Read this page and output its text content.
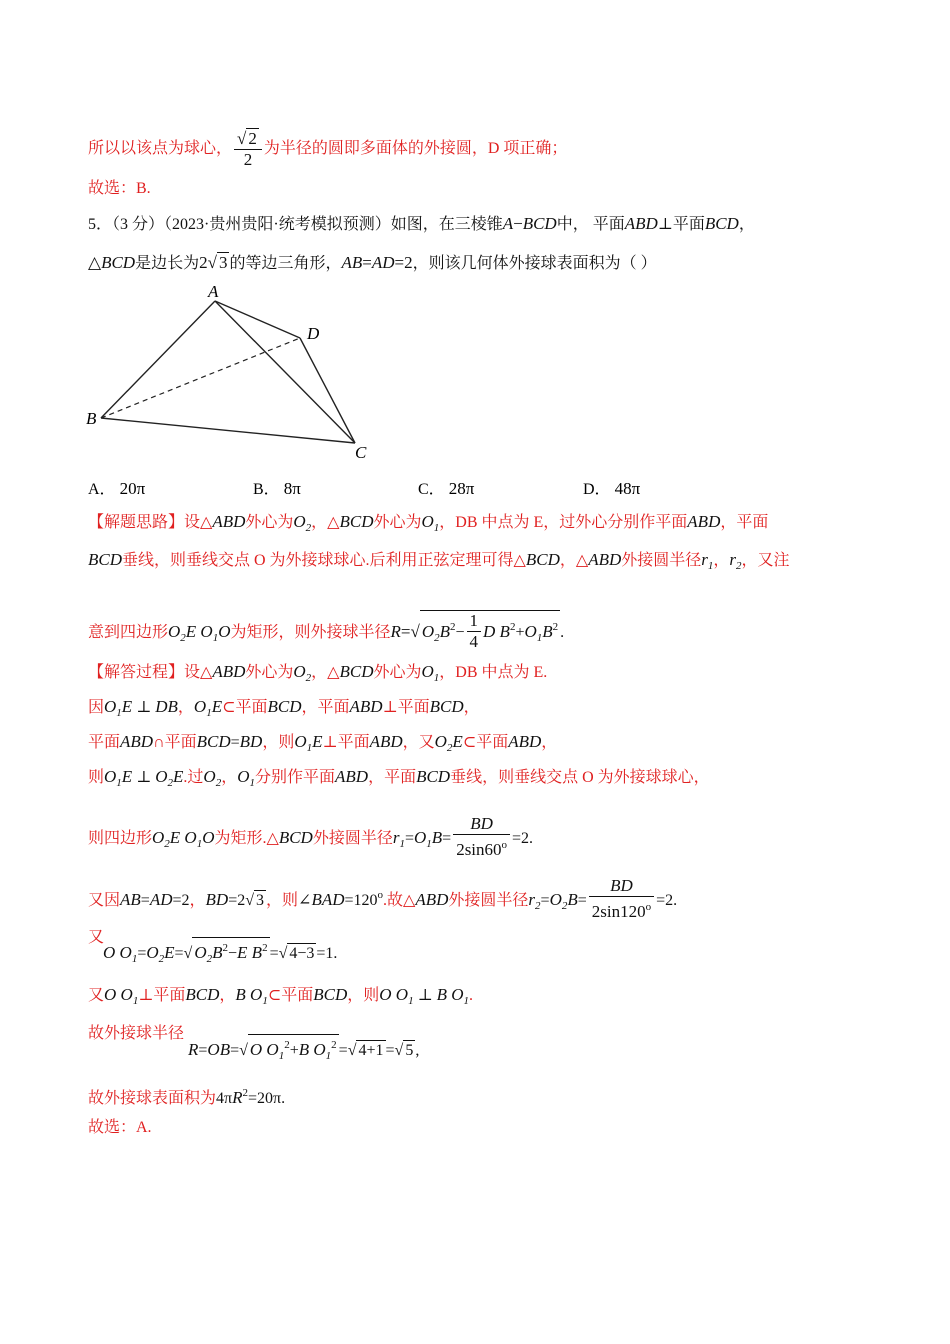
所以以该点为球心， $\frac{√ 2}{2}$ 为半径的圆即多面体的外接圆，D 项正确；
故选：B.
5．（3 分）（2023·贵州贵阳·统考模拟预测）如图，在三棱锥A−BCD中， 平面ABD⊥平面BCD，
△BCD是边长为2√ 3 的等边三角形，AB=AD=2，则该几何体外接球表面积为（ ）
A
D
B
C
A． 20π	B． 8π	C． 28π	D． 48π
【解题思路】设△ABD外心为$O_2$，△BCD外心为$O_1$，DB 中点为 E，过外心分别作平面ABD，平面
BCD垂线，则垂线交点 O 为外接球球心.后利用正弦定理可得△BCD，△ABD外接圆半径$r_1$，$r_2$，又注
意到四边形$O_2E$ $O_1O$为矩形，则外接球半径R=√ $O_2B^2- \frac{1}{4}$ D $B^2+O_1B^2$ .
【解答过程】设△ABD外心为$O_2$，△BCD外心为$O_1$，DB 中点为 E.
因$O_1E$ ⊥ DB，$O_1E\subset$平面BCD，平面ABD⊥平面BCD，
平面ABD∩平面BCD=BD，则$O_1E\perp$平面ABD，又$O_2E\subset$平面ABD，
则$O_1E$ ⊥ $O_2E$.过$O_2$，$O_1$分别作平面ABD，平面BCD垂线，则垂线交点 O 为外接球球心，
则四边形$O_2E$ $O_1O$为矩形.△BCD外接圆半径$r_1=O_1B= \frac{BD}{2\sin 60^o} =2$.
又因AB=AD=2，BD=2√ 3 ，则$\angle BAD=120^o$.故△ABD外接圆半径$r_2=O_2B= \frac{BD}{2\sin 120^o} =2$.
又
O $O_1=O_2E=√$ $O_2B^2-E$ $B^2$ =√ 4−3 =1.
又O $O_1\perp$平面BCD，B $O_1\subset$平面BCD，则O $O_1$ ⊥ B $O_1$.
故外接球半径
R=OB=√ O $O_1^2+B$ $O_1^2$ =√ 4+1 =√ 5 ,
故外接球表面积为$4\pi R^2=20\pi$.
故选：A.
